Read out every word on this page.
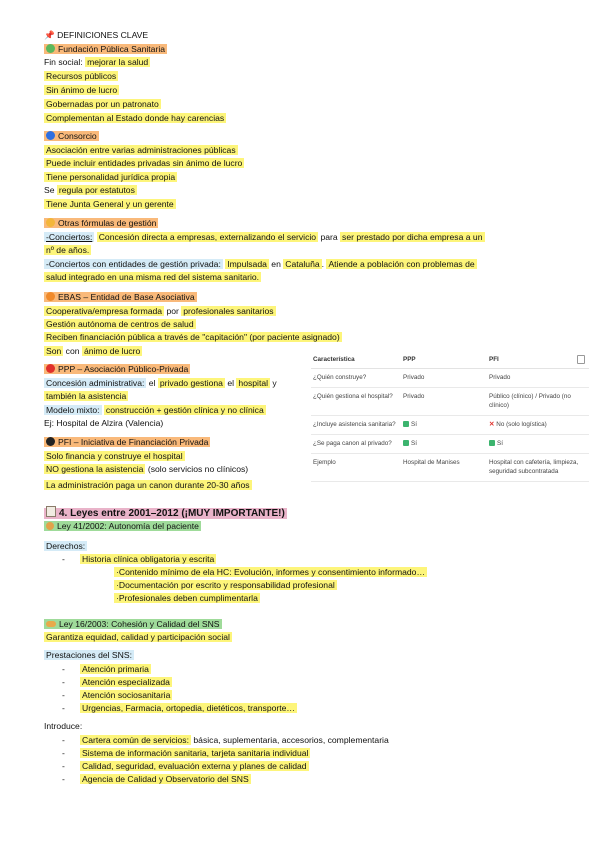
📌 DEFINICIONES CLAVE
Fundación Pública Sanitaria
Fin social: mejorar la salud
Recursos públicos
Sin ánimo de lucro
Gobernadas por un patronato
Complementan al Estado donde hay carencias
Consorcio
Asociación entre varias administraciones públicas
Puede incluir entidades privadas sin ánimo de lucro
Tiene personalidad jurídica propia
Se regula por estatutos
Tiene Junta General y un gerente
Otras fórmulas de gestión
-Conciertos: Concesión directa a empresas, externalizando el servicio para ser prestado por dicha empresa a un
nº de años.
-Conciertos con entidades de gestión privada: Impulsada en Cataluña . Atiende a población con problemas de
salud integrado en una misma red del sistema sanitario.
EBAS – Entidad de Base Asociativa
Cooperativa/empresa formada por profesionales sanitarios
Gestión autónoma de centros de salud
Reciben financiación pública a través de "capitación" (por paciente asignado)
Son con ánimo de lucro
PPP – Asociación Público-Privada
Concesión administrativa: el privado gestiona el hospital y
también la asistencia
Modelo mixto: construcción + gestión clínica y no clínica
Ej: Hospital de Alzira (Valencia)
PFI – Iniciativa de Financiación Privada
Solo financia y construye el hospital
NO gestiona la asistencia (solo servicios no clínicos)
La administración paga un canon durante 20-30 años
Característica	PPP	PFI
¿Quién construye?	Privado	Privado
¿Quién gestiona el hospital?	Privado	Público (clínico) / Privado (no clínico)
¿Incluye asistencia sanitaria?	Sí	✕ No (solo logística)
¿Se paga canon al privado?	Sí	Sí
Ejemplo	Hospital de Manises	Hospital con cafetería, limpieza, seguridad subcontratada
4. Leyes entre 2001–2012 (¡MUY IMPORTANTE!)
Ley 41/2002: Autonomía del paciente
Derechos:
- Historia clínica obligatoria y escrita
·Contenido mínimo de ela HC: Evolución, informes y consentimiento informado…
·Documentación por escrito y responsabilidad profesional
·Profesionales deben cumplimentarla
Ley 16/2003: Cohesión y Calidad del SNS
Garantiza equidad, calidad y participación social
Prestaciones del SNS:
- Atención primaria
- Atención especializada
- Atención sociosanitaria
- Urgencias, Farmacia, ortopedia, dietéticos, transporte…
Introduce:
- Cartera común de servicios: básica, suplementaria, accesorios, complementaria
- Sistema de información sanitaria, tarjeta sanitaria individual
- Calidad, seguridad, evaluación externa y planes de calidad
- Agencia de Calidad y Observatorio del SNS
